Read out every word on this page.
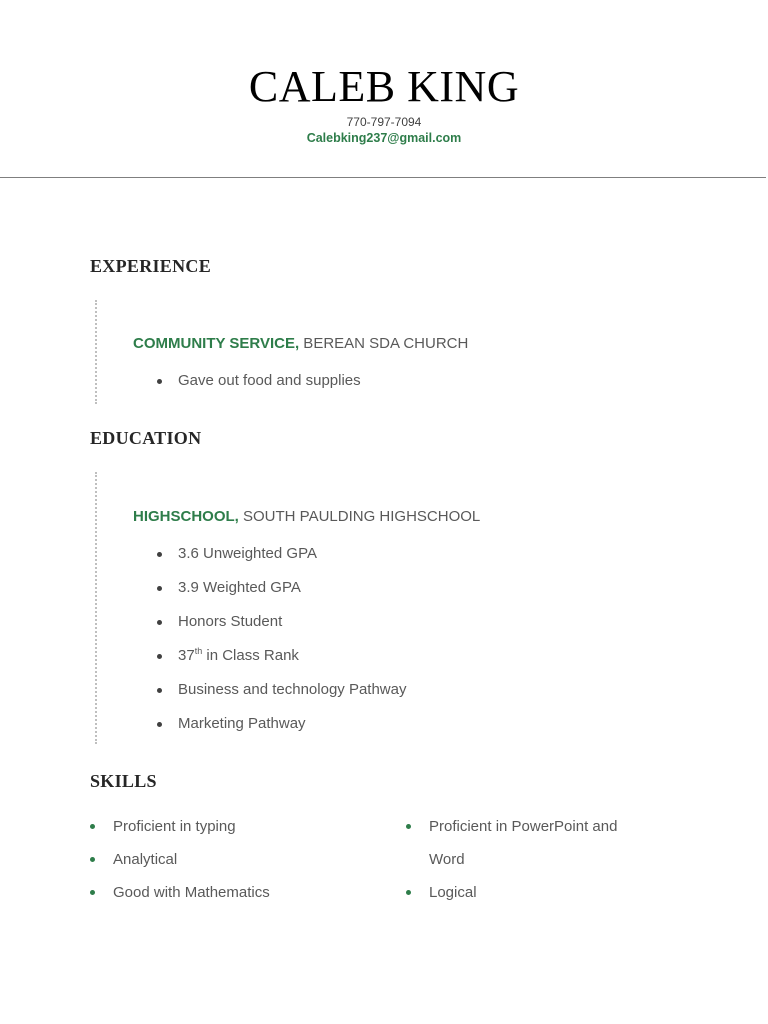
CALEB KING
770-797-7094
Calebking237@gmail.com
EXPERIENCE
COMMUNITY SERVICE, BEREAN SDA CHURCH
Gave out food and supplies
EDUCATION
HIGHSCHOOL, SOUTH PAULDING HIGHSCHOOL
3.6 Unweighted GPA
3.9 Weighted GPA
Honors Student
37th in Class Rank
Business and technology Pathway
Marketing Pathway
SKILLS
Proficient in typing
Analytical
Good with Mathematics
Proficient in PowerPoint and Word
Logical
